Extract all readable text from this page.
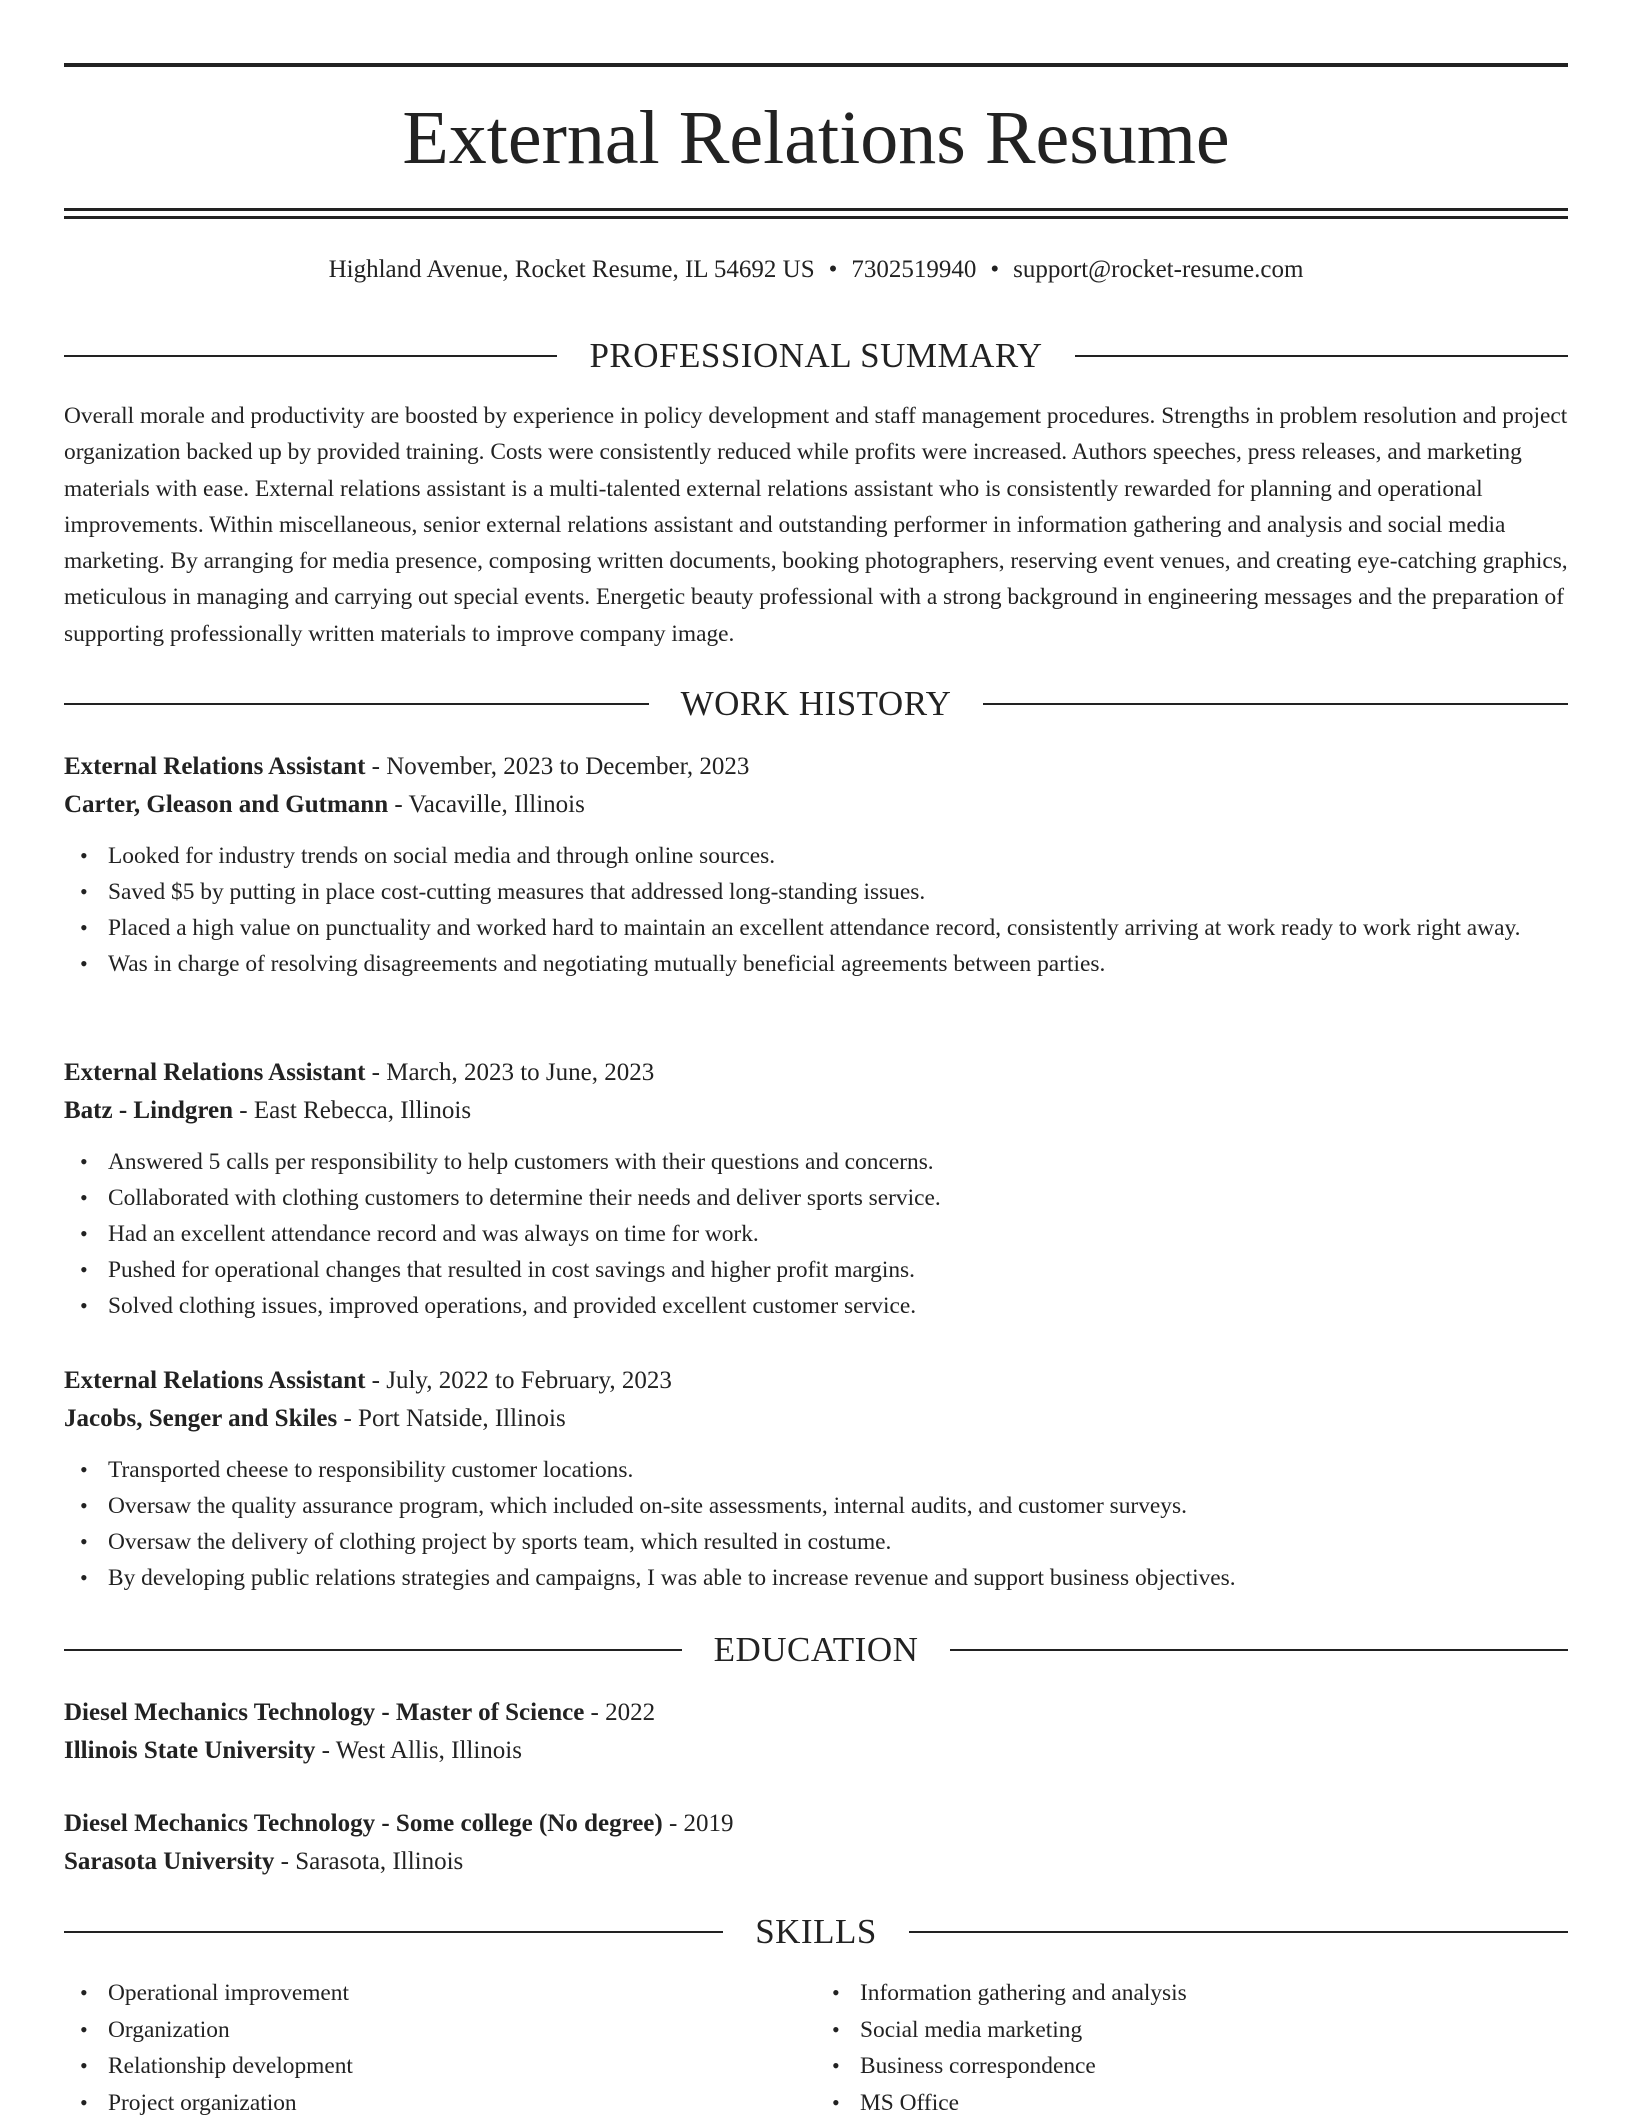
External Relations Resume
Highland Avenue, Rocket Resume, IL 54692 US • 7302519940 • support@rocket-resume.com
PROFESSIONAL SUMMARY

Overall morale and productivity are boosted by experience in policy development and staff management procedures. Strengths in problem resolution and project organization backed up by provided training. Costs were consistently reduced while profits were increased. Authors speeches, press releases, and marketing materials with ease. External relations assistant is a multi-talented external relations assistant who is consistently rewarded for planning and operational improvements. Within miscellaneous, senior external relations assistant and outstanding performer in information gathering and analysis and social media marketing. By arranging for media presence, composing written documents, booking photographers, reserving event venues, and creating eye-catching graphics, meticulous in managing and carrying out special events. Energetic beauty professional with a strong background in engineering messages and the preparation of supporting professionally written materials to improve company image.

WORK HISTORY
External Relations Assistant - November, 2023 to December, 2023
Carter, Gleason and Gutmann - Vacaville, Illinois
• Looked for industry trends on social media and through online sources.
• Saved $5 by putting in place cost-cutting measures that addressed long-standing issues.
• Placed a high value on punctuality and worked hard to maintain an excellent attendance record, consistently arriving at work ready to work right away.
• Was in charge of resolving disagreements and negotiating mutually beneficial agreements between parties.
External Relations Assistant - March, 2023 to June, 2023
Batz - Lindgren - East Rebecca, Illinois
• Answered 5 calls per responsibility to help customers with their questions and concerns.
• Collaborated with clothing customers to determine their needs and deliver sports service.
• Had an excellent attendance record and was always on time for work.
• Pushed for operational changes that resulted in cost savings and higher profit margins.
• Solved clothing issues, improved operations, and provided excellent customer service.
External Relations Assistant - July, 2022 to February, 2023
Jacobs, Senger and Skiles - Port Natside, Illinois
• Transported cheese to responsibility customer locations.
• Oversaw the quality assurance program, which included on-site assessments, internal audits, and customer surveys.
• Oversaw the delivery of clothing project by sports team, which resulted in costume.
• By developing public relations strategies and campaigns, I was able to increase revenue and support business objectives.
EDUCATION
Diesel Mechanics Technology - Master of Science - 2022
Illinois State University - West Allis, Illinois
Diesel Mechanics Technology - Some college (No degree) - 2019
Sarasota University - Sarasota, Illinois
SKILLS
• Operational improvement
• Organization
• Relationship development
• Project organization
• Information gathering and analysis
• Social media marketing
• Business correspondence
• MS Office
